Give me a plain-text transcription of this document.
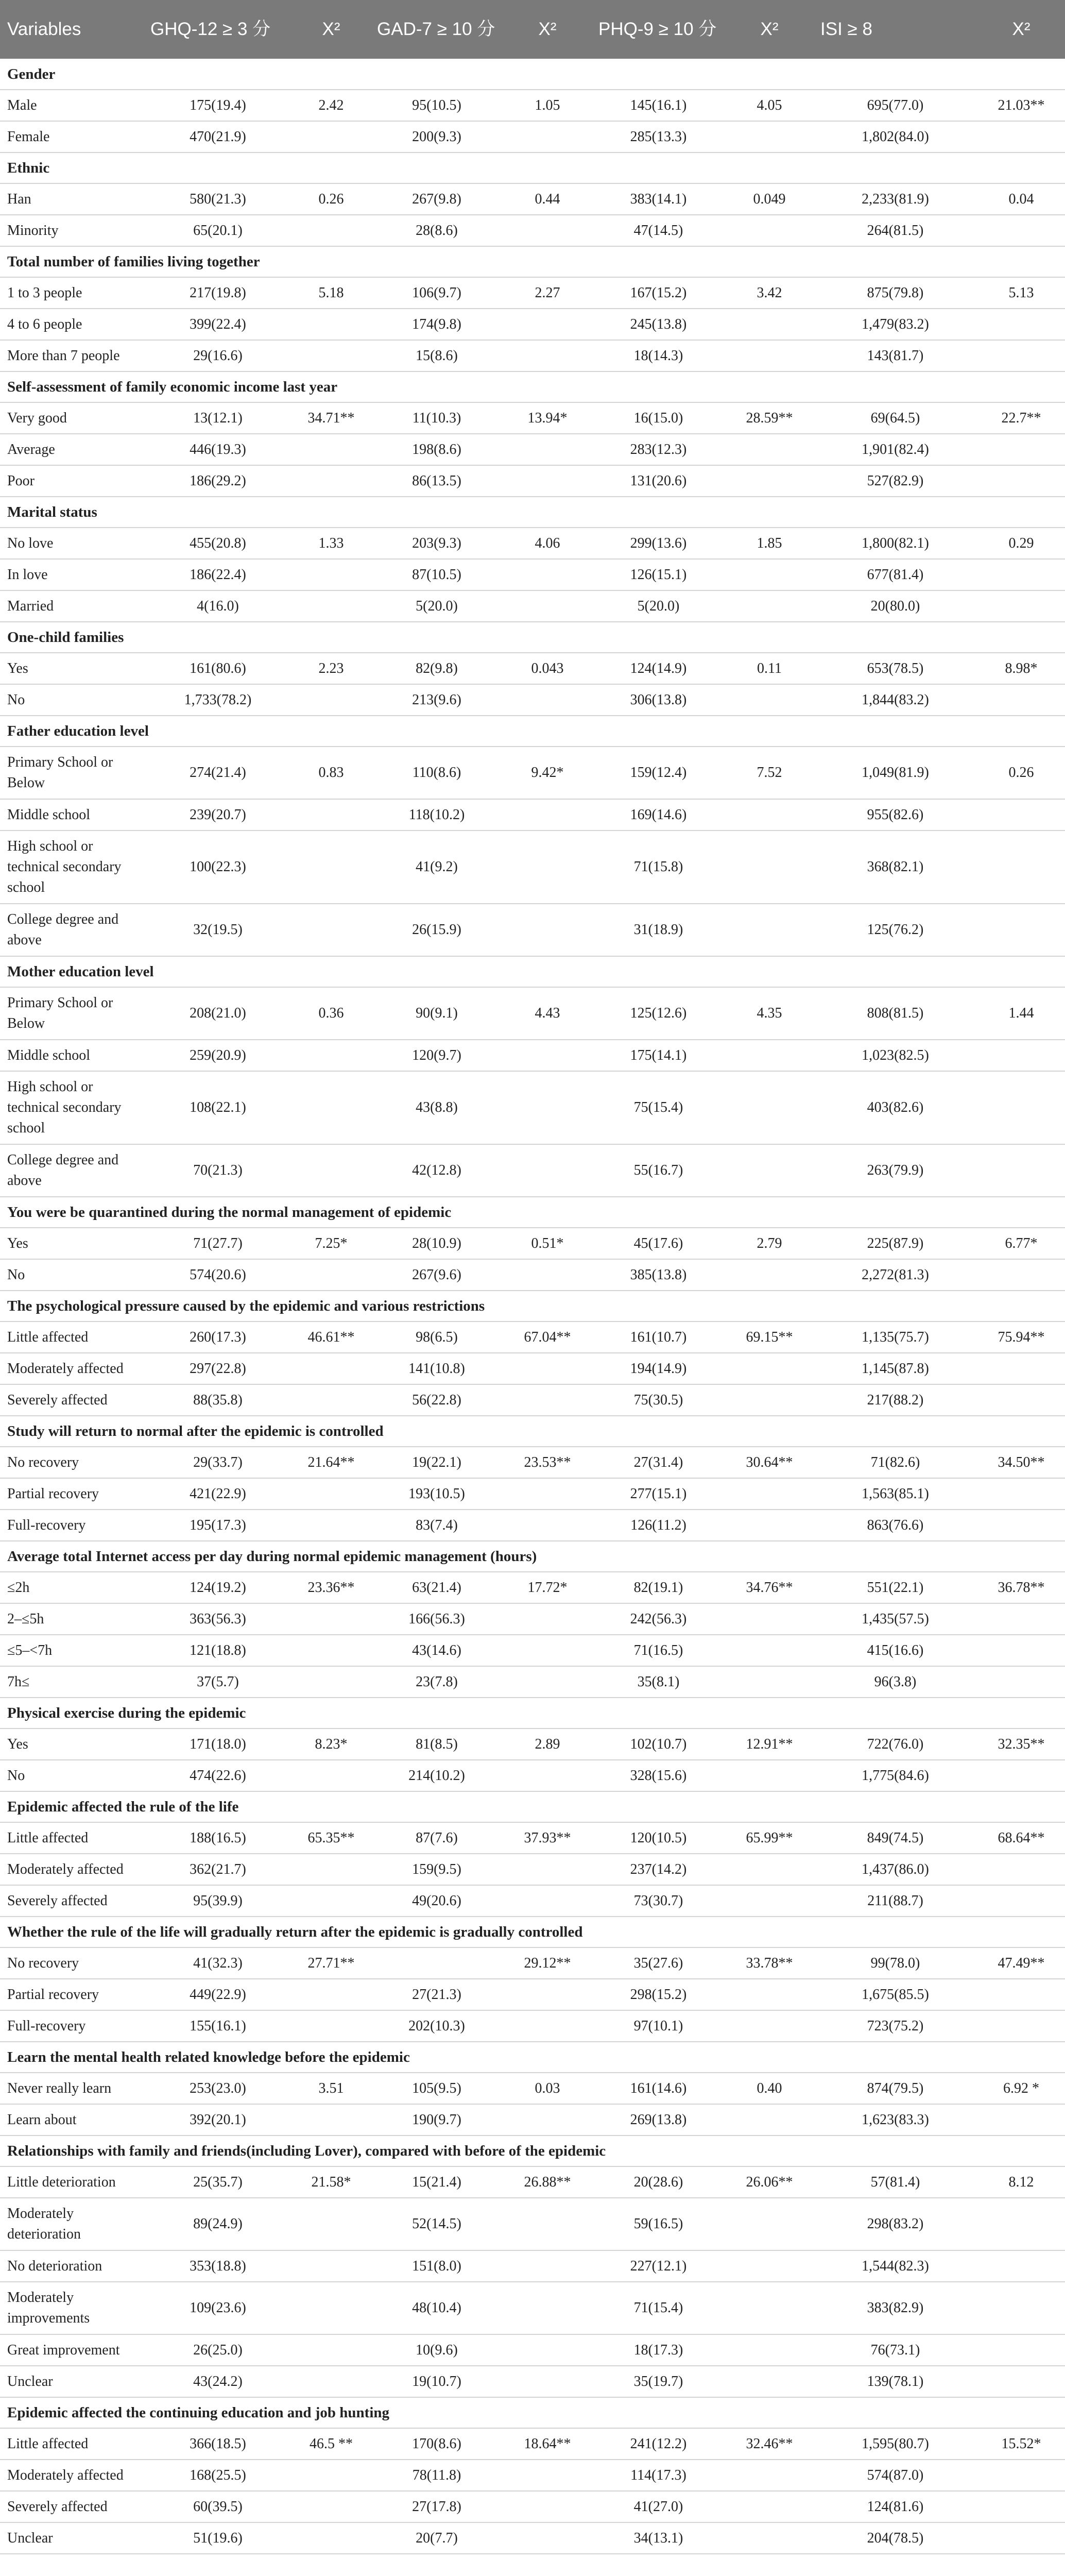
Variables	GHQ-12 ≥ 3 分	X²	GAD-7 ≥ 10 分	X²	PHQ-9 ≥ 10 分	X²	ISI ≥ 8	X²
Gender								
Male	175(19.4)	2.42	95(10.5)	1.05	145(16.1)	4.05	695(77.0)	21.03**
Female	470(21.9)		200(9.3)		285(13.3)		1,802(84.0)	
Ethnic								
Han	580(21.3)	0.26	267(9.8)	0.44	383(14.1)	0.049	2,233(81.9)	0.04
Minority	65(20.1)		28(8.6)		47(14.5)		264(81.5)	
Total number of families living together								
1 to 3 people	217(19.8)	5.18	106(9.7)	2.27	167(15.2)	3.42	875(79.8)	5.13
4 to 6 people	399(22.4)		174(9.8)		245(13.8)		1,479(83.2)	
More than 7 people	29(16.6)		15(8.6)		18(14.3)		143(81.7)	
Self-assessment of family economic income last year								
Very good	13(12.1)	34.71**	11(10.3)	13.94*	16(15.0)	28.59**	69(64.5)	22.7**
Average	446(19.3)		198(8.6)		283(12.3)		1,901(82.4)	
Poor	186(29.2)		86(13.5)		131(20.6)		527(82.9)	
Marital status								
No love	455(20.8)	1.33	203(9.3)	4.06	299(13.6)	1.85	1,800(82.1)	0.29
In love	186(22.4)		87(10.5)		126(15.1)		677(81.4)	
Married	4(16.0)		5(20.0)		5(20.0)		20(80.0)	
One-child families								
Yes	161(80.6)	2.23	82(9.8)	0.043	124(14.9)	0.11	653(78.5)	8.98*
No	1,733(78.2)		213(9.6)		306(13.8)		1,844(83.2)	
Father education level								
Primary School or Below	274(21.4)	0.83	110(8.6)	9.42*	159(12.4)	7.52	1,049(81.9)	0.26
Middle school	239(20.7)		118(10.2)		169(14.6)		955(82.6)	
High school or technical secondary school	100(22.3)		41(9.2)		71(15.8)		368(82.1)	
College degree and above	32(19.5)		26(15.9)		31(18.9)		125(76.2)	
Mother education level								
Primary School or Below	208(21.0)	0.36	90(9.1)	4.43	125(12.6)	4.35	808(81.5)	1.44
Middle school	259(20.9)		120(9.7)		175(14.1)		1,023(82.5)	
High school or technical secondary school	108(22.1)		43(8.8)		75(15.4)		403(82.6)	
College degree and above	70(21.3)		42(12.8)		55(16.7)		263(79.9)	
You were be quarantined during the normal management of epidemic								
Yes	71(27.7)	7.25*	28(10.9)	0.51*	45(17.6)	2.79	225(87.9)	6.77*
No	574(20.6)		267(9.6)		385(13.8)		2,272(81.3)	
The psychological pressure caused by the epidemic and various restrictions								
Little affected	260(17.3)	46.61**	98(6.5)	67.04**	161(10.7)	69.15**	1,135(75.7)	75.94**
Moderately affected	297(22.8)		141(10.8)		194(14.9)		1,145(87.8)	
Severely affected	88(35.8)		56(22.8)		75(30.5)		217(88.2)	
Study will return to normal after the epidemic is controlled								
No recovery	29(33.7)	21.64**	19(22.1)	23.53**	27(31.4)	30.64**	71(82.6)	34.50**
Partial recovery	421(22.9)		193(10.5)		277(15.1)		1,563(85.1)	
Full-recovery	195(17.3)		83(7.4)		126(11.2)		863(76.6)	
Average total Internet access per day during normal epidemic management (hours)								
≤2h	124(19.2)	23.36**	63(21.4)	17.72*	82(19.1)	34.76**	551(22.1)	36.78**
2–≤5h	363(56.3)		166(56.3)		242(56.3)		1,435(57.5)	
≤5–<7h	121(18.8)		43(14.6)		71(16.5)		415(16.6)	
7h≤	37(5.7)		23(7.8)		35(8.1)		96(3.8)	
Physical exercise during the epidemic								
Yes	171(18.0)	8.23*	81(8.5)	2.89	102(10.7)	12.91**	722(76.0)	32.35**
No	474(22.6)		214(10.2)		328(15.6)		1,775(84.6)	
Epidemic affected the rule of the life								
Little affected	188(16.5)	65.35**	87(7.6)	37.93**	120(10.5)	65.99**	849(74.5)	68.64**
Moderately affected	362(21.7)		159(9.5)		237(14.2)		1,437(86.0)	
Severely affected	95(39.9)		49(20.6)		73(30.7)		211(88.7)	
Whether the rule of the life will gradually return after the epidemic is gradually controlled								
No recovery	41(32.3)	27.71**		29.12**	35(27.6)	33.78**	99(78.0)	47.49**
Partial recovery	449(22.9)		27(21.3)		298(15.2)		1,675(85.5)	
Full-recovery	155(16.1)		202(10.3)		97(10.1)		723(75.2)	
Learn the mental health related knowledge before the epidemic								
Never really learn	253(23.0)	3.51	105(9.5)	0.03	161(14.6)	0.40	874(79.5)	6.92 *
Learn about	392(20.1)		190(9.7)		269(13.8)		1,623(83.3)	
Relationships with family and friends(including Lover), compared with before of the epidemic								
Little deterioration	25(35.7)	21.58*	15(21.4)	26.88**	20(28.6)	26.06**	57(81.4)	8.12
Moderately deterioration	89(24.9)		52(14.5)		59(16.5)		298(83.2)	
No deterioration	353(18.8)		151(8.0)		227(12.1)		1,544(82.3)	
Moderately improvements	109(23.6)		48(10.4)		71(15.4)		383(82.9)	
Great improvement	26(25.0)		10(9.6)		18(17.3)		76(73.1)	
Unclear	43(24.2)		19(10.7)		35(19.7)		139(78.1)	
Epidemic affected the continuing education and job hunting								
Little affected	366(18.5)	46.5 **	170(8.6)	18.64**	241(12.2)	32.46**	1,595(80.7)	15.52*
Moderately affected	168(25.5)		78(11.8)		114(17.3)		574(87.0)	
Severely affected	60(39.5)		27(17.8)		41(27.0)		124(81.6)	
Unclear	51(19.6)		20(7.7)		34(13.1)		204(78.5)	
